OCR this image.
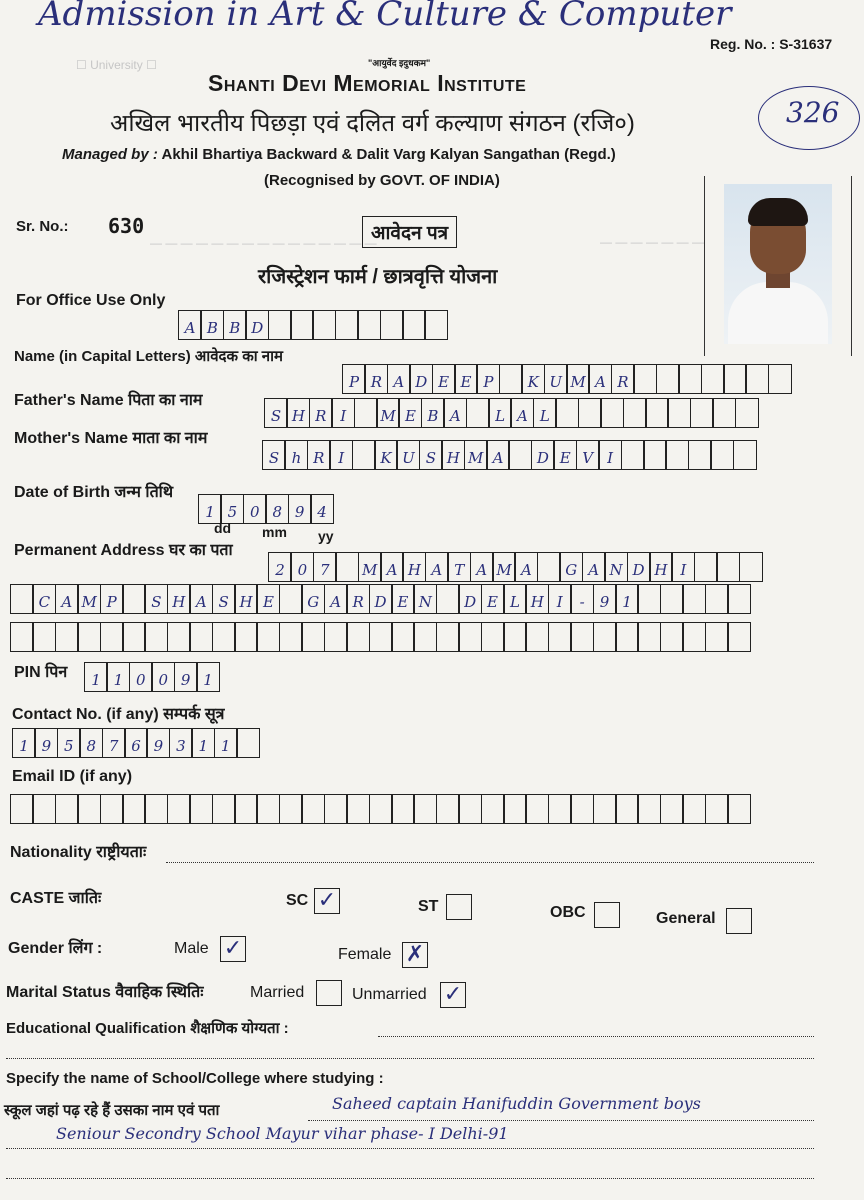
☐ University ☐
— — — — — — — — — — — — — — —	— — — — — — —
Admission in Art & Culture & Computer
Reg. No. : S-31637
"आयुर्वेद इदुधकम"
Shanti Devi Memorial Institute
अखिल भारतीय पिछड़ा एवं दलित वर्ग कल्याण संगठन (रजि०)	326
Managed by : Akhil Bhartiya Backward & Dalit Varg Kalyan Sangathan (Regd.)
(Recognised by GOVT. OF INDIA)
Sr. No.: 630	आवेदन पत्र
रजिस्ट्रेशन फार्म / छात्रवृत्ति योजना
For Office Use Only
A B B D
Name (in Capital Letters) आवेदक का नाम
P R A D E E P	K U M A R
Father's Name पिता का नाम
S H R I	M E B A	L A L
Mother's Name माता का नाम
S h R I	K U S H M A	D E V I
Date of Birth जन्म तिथि
1 5 0 8 9 4
dd mm yy
Permanent Address घर का पता
2 0 7	M A H A T A M A	G A N D H I
C A M P	S H A S H E	G A R D E N	D E L H I	-	9 1
PIN पिन	1 1 0 0 9 1
Contact No. (if any) सम्पर्क सूत्र
1 9 5 8 7 6 9 3 1 1
Email ID (if any)
Nationality राष्ट्रीयताः
CASTE जातिः	SC ✓	ST	OBC	General
Gender लिंग :	Male ✓	Female ✗
Marital Status वैवाहिक स्थितिः	Married	Unmarried ✓
Educational Qualification शैक्षणिक योग्यता :
Specify the name of School/College where studying :
स्कूल जहां पढ़ रहे हैं उसका नाम एवं पता	Saheed captain Hanifuddin Government boys
Seniour Secondry School Mayur vihar phase- I Delhi-91
